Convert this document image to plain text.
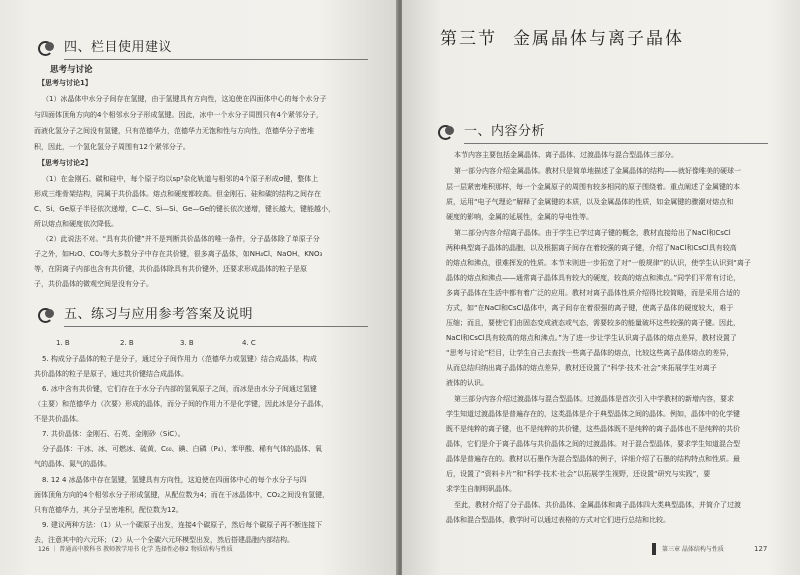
四、栏目使用建议
思考与讨论
【思考与讨论1】
（1）冰晶体中水分子间存在氢键，由于氢键具有方向性，这迫使在四面体中心的每个水分子
与四面体顶角方向的4个相邻水分子形成氢键。因此，冰中一个水分子周围只有4个紧邻分子，
而液化氢分子之间没有氢键，只有范德华力，范德华力无饱和性与方向性，范德华分子密堆
积，因此，一个氢化氢分子周围有12个紧邻分子。
【思考与讨论2】
（1）在金刚石、碳和硅中，每个原子均以sp³杂化轨道与相邻的4个原子形成σ键，整体上
形成三维骨架结构，同属于共价晶体。熔点和硬度都较高。但金刚石、硅和碳的结构之间存在
C、Si、Ge原子半径依次递增，C—C、Si—Si、Ge—Ge的键长依次递增，键长越大，键能越小，
所以熔点和硬度依次降低。
（2）此说法不对。“具有共价键”并不是判断共价晶体的唯一条件，分子晶体除了单原子分
子之外，如H₂O、CO₂等大多数分子中存在共价键，很多离子晶体，如NH₄Cl、NaOH、KNO₃
等，在阴离子内部也含有共价键，共价晶体除具有共价键外，还要求形成晶体的粒子是原
子，共价晶体的微观空间是没有分子。
五、练习与应用参考答案及说明
1. B	2. B	3. B	4. C
5. 构成分子晶体的粒子是分子，通过分子间作用力（范德华力或氢键）结合成晶体，构成
共价晶体的粒子是原子，通过共价键结合成晶体。
6. 冰中含有共价键，它们存在于水分子内部的氢氧原子之间，而冰是由水分子间通过氢键
（主要）和范德华力（次要）形成的晶体，而分子间的作用力不是化学键，因此冰是分子晶体，
不是共价晶体。
7. 共价晶体：金刚石、石英、金刚砂（SiC）。
分子晶体：干冰、冰、可燃冰、硫黄、C₆₀、碘、白磷（P₄）、苯甲酸、稀有气体的晶体、氧
气的晶体、氮气的晶体。
8. 12 4 冰晶体中存在氢键，氢键具有方向性，这迫使在四面体中心的每个水分子与四
面体顶角方向的4个相邻水分子形成氢键，从配位数为4；而在干冰晶体中，CO₂之间没有氢键，
只有范德华力，其分子呈密堆积，配位数为12。
9. 建议两种方法：（1）从一个碳原子出发，连接4个碳原子，然后每个碳原子再不断连接下
去，注意其中的六元环；（2）从一个全碳六元环模型出发，然后搭建晶胞内部结构。
126 ｜ 普通高中教科书 教师教学用书 化学 选择性必修2 物质结构与性质
第三节 金属晶体与离子晶体
一、内容分析
本节内容主要包括金属晶体、离子晶体、过渡晶体与混合型晶体三部分。
第一部分内容介绍金属晶体。教材只是简单地描述了金属晶体的结构——就好像唯美的硬球一
层一层紧密堆积那样，每一个金属原子的周围有较多相同的原子围绕着。重点阐述了金属键的本
质，运用“电子气理论”解释了金属键的本质，以及金属晶体的性质，如金属键的骤潮对熔点和
硬度的影响，金属的延展性，金属的导电性等。
第二部分内容介绍离子晶体。由于学生已学过离子键的概念，教材直接给出了NaCl和CsCl
两种典型离子晶体的晶胞，以及根据离子间存在着较强的离子键，介绍了NaCl和CsCl具有较高
的熔点和沸点，很难挥发的性质。本节末则进一步拓宽了对“一般规律”的认识，使学生认识到“离子
晶体的熔点和沸点——通常离子晶体具有较大的硬度，较高的熔点和沸点。”同学们平常有讨论，
多离子晶体在生活中都有着广泛的应用。教材对离子晶体性质介绍得比较简略，而是采用合适的
方式，如“在NaCl和CsCl晶体中，离子间存在着很强的离子键，使离子晶体的硬度较大，难于
压缩；而且，要使它们由固态变成液态或气态，需要较多的能量破坏这些较强的离子键。因此，
NaCl和CsCl具有较高的熔点和沸点。”为了进一步让学生认识离子晶体的熔点差异，教材设置了
“思考与讨论”栏目，让学生自己去查找一些离子晶体的熔点，比较这些离子晶体熔点的差异，
从而总结归纳出离子晶体的熔点差异，教材还设置了“科学·技术·社会”来拓展学生对离子
液体的认识。
第三部分内容介绍过渡晶体与混合型晶体。过渡晶体是首次引入中学教材的新增内容，要求
学生知道过渡晶体是普遍存在的，这类晶体是介于典型晶体之间的晶体。例如，晶体中的化学键
既不是纯粹的离子键，也不是纯粹的共价键，这些晶体既不是纯粹的离子晶体也不是纯粹的共价
晶体，它们是介于离子晶体与共价晶体之间的过渡晶体。对于混合型晶体，要求学生知道混合型
晶体是普遍存在的。教材以石墨作为混合型晶体的例子，详细介绍了石墨的结构特点和性质。最
后，设置了“资料卡片”和“科学·技术·社会”以拓展学生视野，还设置“研究与实践”，要
求学生自制明矾晶体。
至此，教材介绍了分子晶体、共价晶体、金属晶体和离子晶体四大类典型晶体，并简介了过渡
晶体和混合型晶体，教学时可以通过表格的方式对它们进行总结和比较。
第三章 晶体结构与性质	127
